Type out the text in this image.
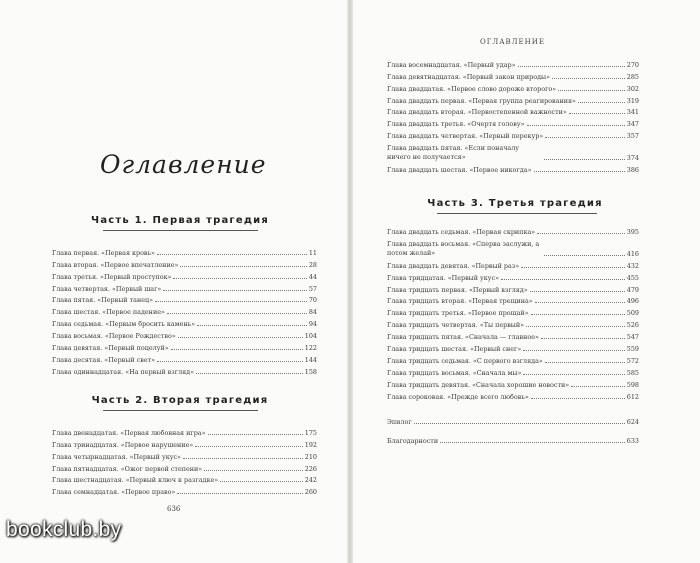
Оглавление
Часть 1. Первая трагедия
Глава первая. «Первая кровь»	11
Глава вторая. «Первое впечатление»	28
Глава третья. «Первый проступок»	44
Глава четвертая. «Первый шаг»	57
Глава пятая. «Первый танец»	70
Глава шестая. «Первое падение»	84
Глава седьмая. «Первым бросить камень»	94
Глава восьмая. «Первое Рождество»	104
Глава девятая. «Первый поцелуй»	122
Глава десятая. «Первый свет»	144
Глава одиннадцатая. «На первый взгляд»	158
Часть 2. Вторая трагедия
Глава двенадцатая. «Первая любовная игра»	175
Глава тринадцатая. «Первое нарушение»	192
Глава четырнадцатая. «Первый укус»	210
Глава пятнадцатая. «Ожог первой степени»	226
Глава шестнадцатая. «Первый ключ к разгадке»	242
Глава семнадцатая. «Первое право»	260
636
ОГЛАВЛЕНИЕ
Глава восемнадцатая. «Первый удар»	270
Глава девятнадцатая. «Первый закон природы»	285
Глава двадцатая. «Первое слово дороже второго»	302
Глава двадцать первая. «Первая группа реагирования»	319
Глава двадцать вторая. «Первостепенной важности»	341
Глава двадцать третья. «Очертя голову»	347
Глава двадцать четвертая. «Первый перекур»	357
Глава двадцать пятая. «Если поначалу ничего не получается»	374
Глава двадцать шестая. «Первое никогда»	386
Часть 3. Третья трагедия
Глава двадцать седьмая. «Первая скрипка»	395
Глава двадцать восьмая. «Сперва заслужи, а потом желай»	416
Глава двадцать девятая. «Первый раз»	432
Глава тридцатая. «Первый укус»	455
Глава тридцать первая. «Первый взгляд»	479
Глава тридцать вторая. «Первая трещина»	496
Глава тридцать третья. «Первое прощай»	509
Глава тридцать четвертая. «Ты первый»	526
Глава тридцать пятая. «Сначала — главное»	547
Глава тридцать шестая. «Первый снег»	559
Глава тридцать седьмая. «С первого взгляда»	572
Глава тридцать восьмая. «Сначала мы»	585
Глава тридцать девятая. «Сначала хорошие новости»	598
Глава сороковая. «Прежде всего любовь»	612
Эпилог	624
Благодарности	633
bookclub.by
